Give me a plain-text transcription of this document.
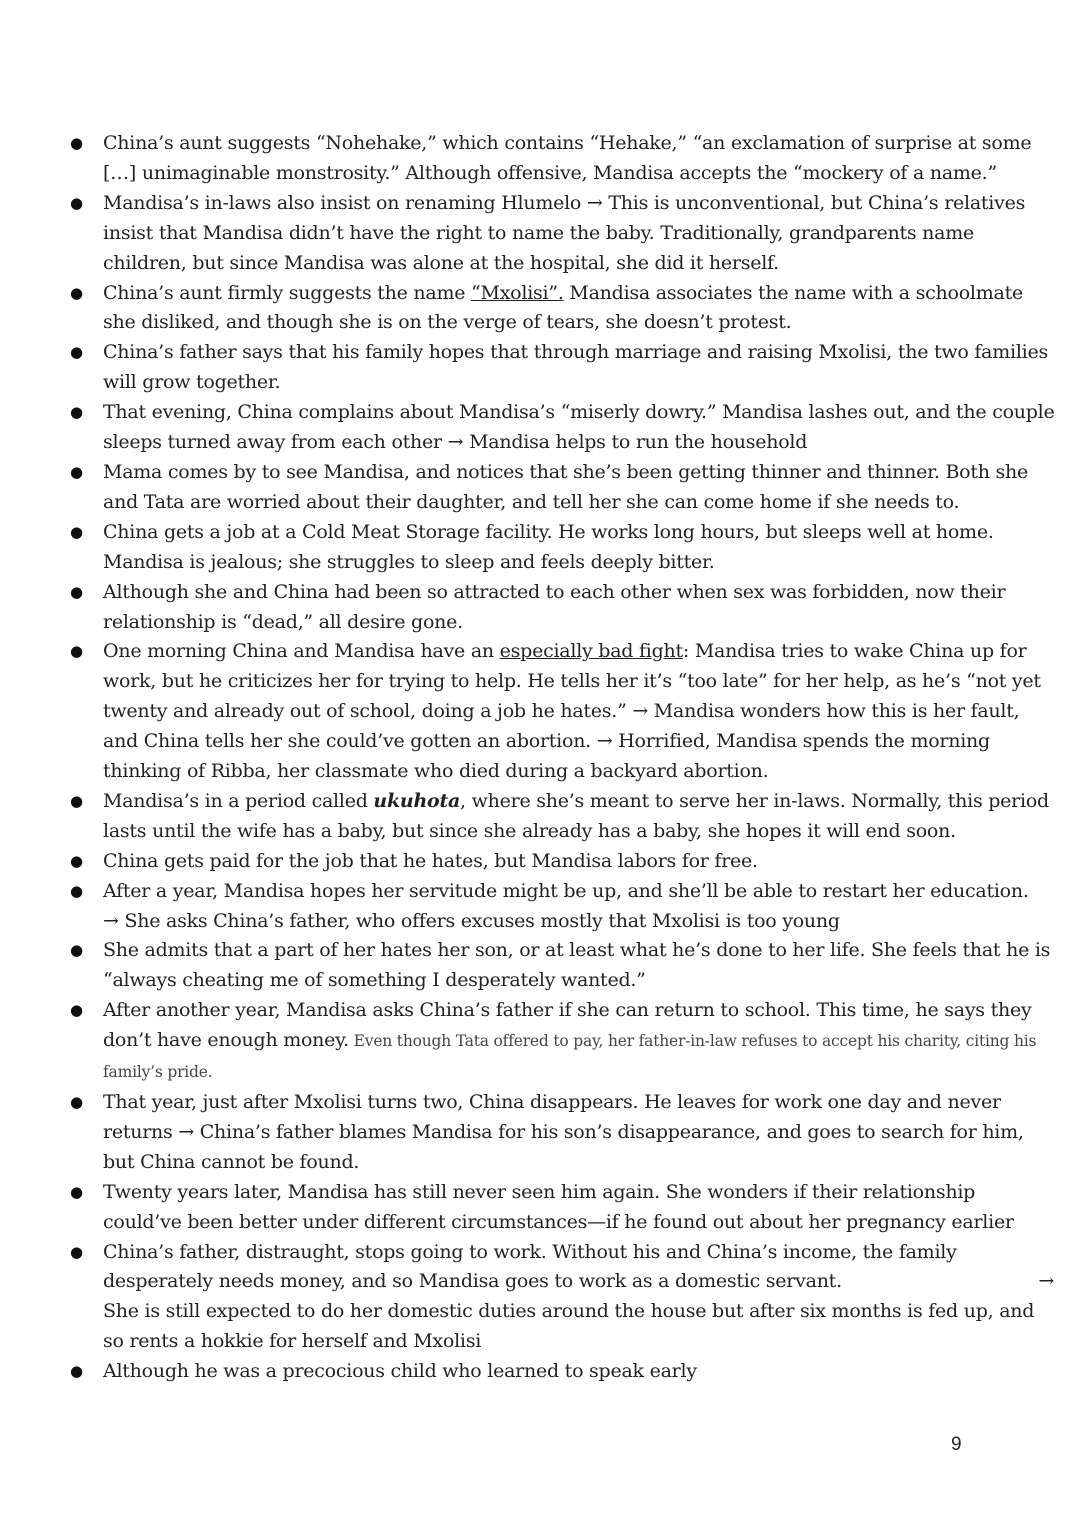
● China’s aunt suggests “Nohehake,” which contains “Hehake,” “an exclamation of surprise at some […] unimaginable monstrosity.” Although offensive, Mandisa accepts the “mockery of a name.”
● Mandisa’s in-laws also insist on renaming Hlumelo → This is unconventional, but China’s relatives insist that Mandisa didn’t have the right to name the baby. Traditionally, grandparents name children, but since Mandisa was alone at the hospital, she did it herself.
● China’s aunt firmly suggests the name “Mxolisi”. Mandisa associates the name with a schoolmate she disliked, and though she is on the verge of tears, she doesn’t protest.
● China’s father says that his family hopes that through marriage and raising Mxolisi, the two families will grow together.
● That evening, China complains about Mandisa’s “miserly dowry.” Mandisa lashes out, and the couple sleeps turned away from each other → Mandisa helps to run the household
● Mama comes by to see Mandisa, and notices that she’s been getting thinner and thinner. Both she and Tata are worried about their daughter, and tell her she can come home if she needs to.
● China gets a job at a Cold Meat Storage facility. He works long hours, but sleeps well at home. Mandisa is jealous; she struggles to sleep and feels deeply bitter.
● Although she and China had been so attracted to each other when sex was forbidden, now their relationship is “dead,” all desire gone.
● One morning China and Mandisa have an especially bad fight: Mandisa tries to wake China up for work, but he criticizes her for trying to help. He tells her it’s “too late” for her help, as he’s “not yet twenty and already out of school, doing a job he hates.” → Mandisa wonders how this is her fault, and China tells her she could’ve gotten an abortion. → Horrified, Mandisa spends the morning thinking of Ribba, her classmate who died during a backyard abortion.
● Mandisa’s in a period called ukuhota, where she’s meant to serve her in-laws. Normally, this period lasts until the wife has a baby, but since she already has a baby, she hopes it will end soon.
● China gets paid for the job that he hates, but Mandisa labors for free.
● After a year, Mandisa hopes her servitude might be up, and she’ll be able to restart her education.
→ She asks China’s father, who offers excuses mostly that Mxolisi is too young
● She admits that a part of her hates her son, or at least what he’s done to her life. She feels that he is “always cheating me of something I desperately wanted.”
● After another year, Mandisa asks China’s father if she can return to school. This time, he says they don’t have enough money. Even though Tata offered to pay, her father-in-law refuses to accept his charity, citing his family’s pride.
● That year, just after Mxolisi turns two, China disappears. He leaves for work one day and never returns → China’s father blames Mandisa for his son’s disappearance, and goes to search for him, but China cannot be found.
● Twenty years later, Mandisa has still never seen him again. She wonders if their relationship could’ve been better under different circumstances—if he found out about her pregnancy earlier
● China’s father, distraught, stops going to work. Without his and China’s income, the family desperately needs money, and so Mandisa goes to work as a domestic servant.	→

She is still expected to do her domestic duties around the house but after six months is fed up, and so rents a hokkie for herself and Mxolisi
● Although he was a precocious child who learned to speak early
9
